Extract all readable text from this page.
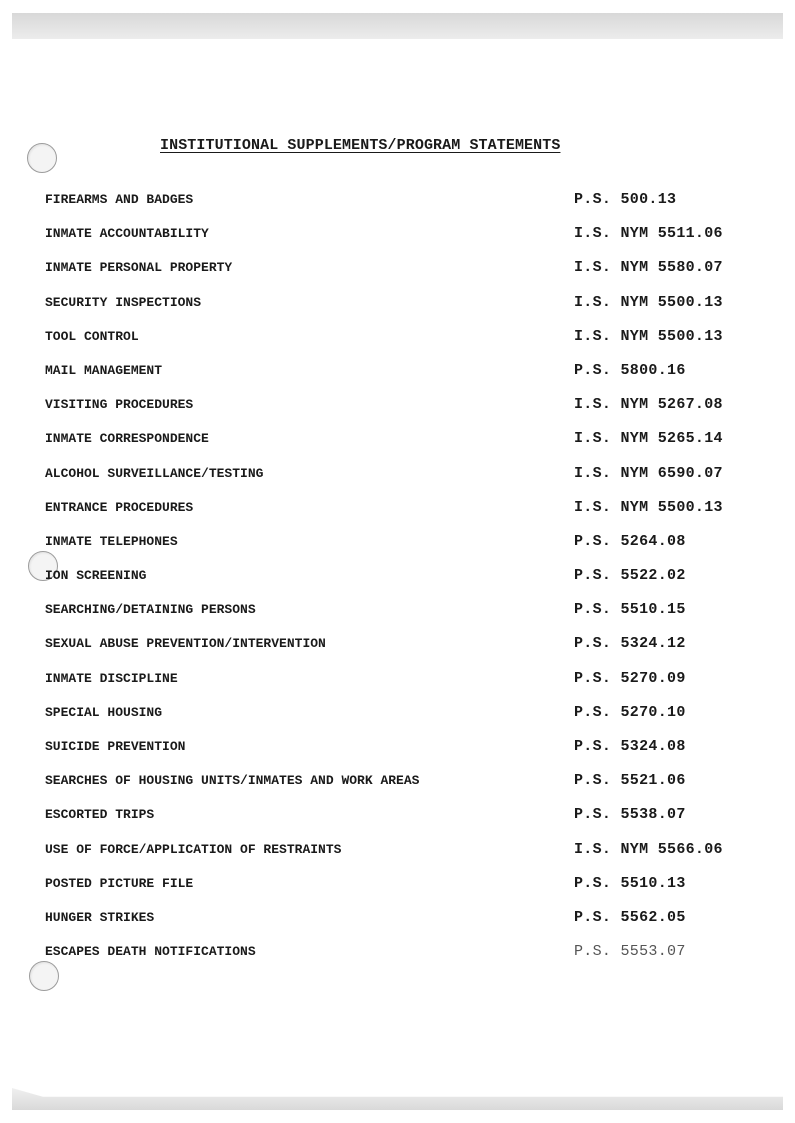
INSTITUTIONAL SUPPLEMENTS/PROGRAM STATEMENTS
FIREARMS AND BADGES	P.S. 500.13
INMATE ACCOUNTABILITY	I.S. NYM 5511.06
INMATE PERSONAL PROPERTY	I.S. NYM 5580.07
SECURITY INSPECTIONS	I.S. NYM 5500.13
TOOL CONTROL	I.S. NYM 5500.13
MAIL MANAGEMENT	P.S. 5800.16
VISITING PROCEDURES	I.S. NYM 5267.08
INMATE CORRESPONDENCE	I.S. NYM 5265.14
ALCOHOL SURVEILLANCE/TESTING	I.S. NYM 6590.07
ENTRANCE PROCEDURES	I.S. NYM 5500.13
INMATE TELEPHONES	P.S. 5264.08
ION SCREENING	P.S. 5522.02
SEARCHING/DETAINING PERSONS	P.S. 5510.15
SEXUAL ABUSE PREVENTION/INTERVENTION	P.S. 5324.12
INMATE DISCIPLINE	P.S. 5270.09
SPECIAL HOUSING	P.S. 5270.10
SUICIDE PREVENTION	P.S. 5324.08
SEARCHES OF HOUSING UNITS/INMATES AND WORK AREAS	P.S. 5521.06
ESCORTED TRIPS	P.S. 5538.07
USE OF FORCE/APPLICATION OF RESTRAINTS	I.S. NYM 5566.06
POSTED PICTURE FILE	P.S. 5510.13
HUNGER STRIKES	P.S. 5562.05
ESCAPES DEATH NOTIFICATIONS	P.S. 5553.07
